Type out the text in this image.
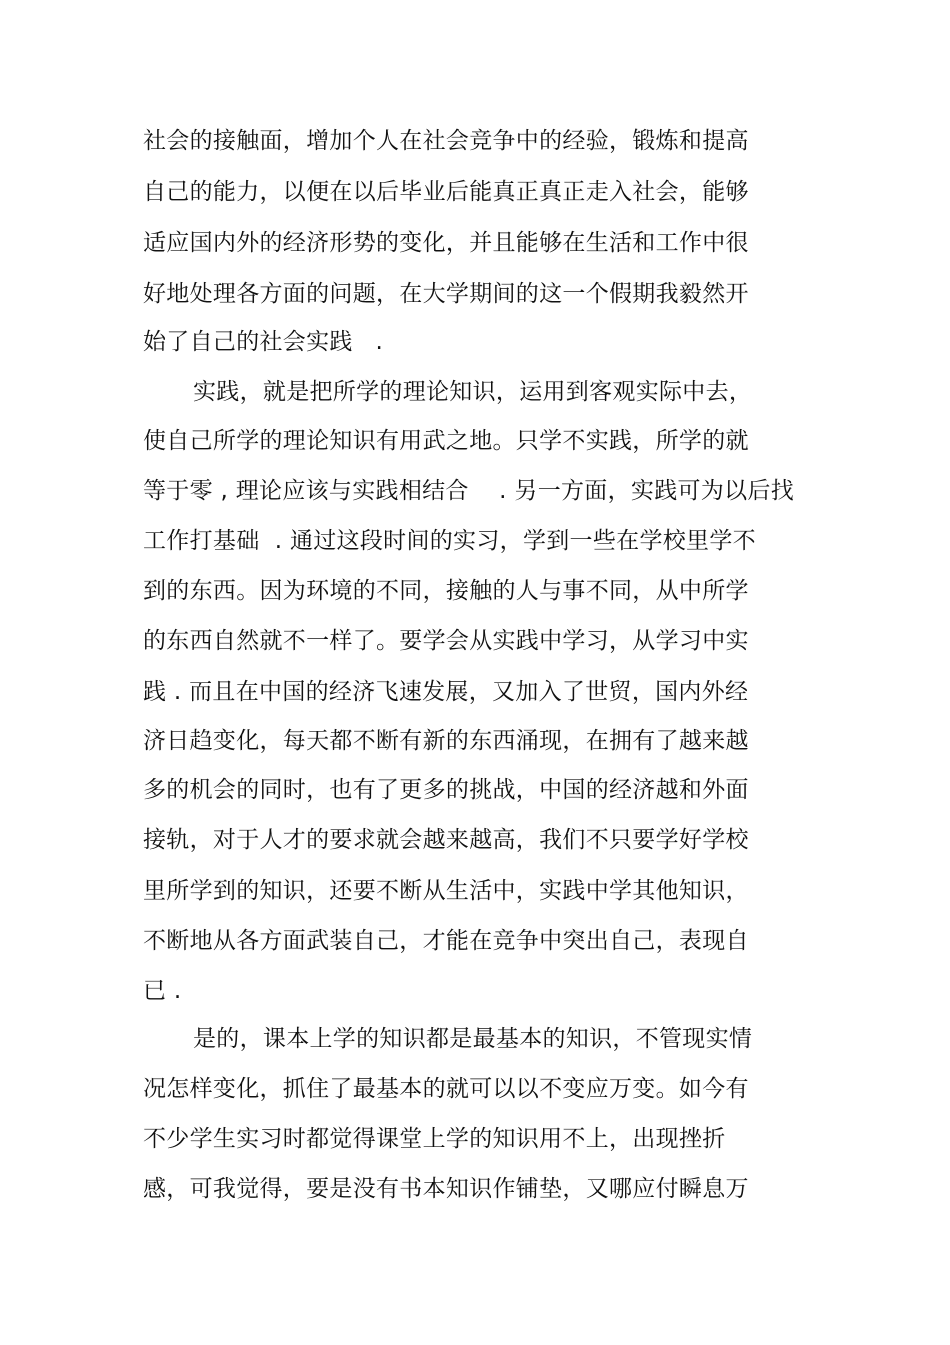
社会的接触面，增加个人在社会竞争中的经验，锻炼和提高
自己的能力，以便在以后毕业后能真正真正走入社会，能够
适应国内外的经济形势的变化，并且能够在生活和工作中很
好地处理各方面的问题，在大学期间的这一个假期我毅然开
始了自己的社会实践   .
实践，就是把所学的理论知识，运用到客观实际中去，
使自己所学的理论知识有用武之地。只学不实践，所学的就
等于零 , 理论应该与实践相结合    . 另一方面，实践可为以后找
工作打基础  . 通过这段时间的实习，学到一些在学校里学不
到的东西。因为环境的不同，接触的人与事不同，从中所学
的东西自然就不一样了。要学会从实践中学习，从学习中实
践 . 而且在中国的经济飞速发展，又加入了世贸，国内外经
济日趋变化，每天都不断有新的东西涌现，在拥有了越来越
多的机会的同时，也有了更多的挑战，中国的经济越和外面
接轨，对于人才的要求就会越来越高，我们不只要学好学校
里所学到的知识，还要不断从生活中，实践中学其他知识，
不断地从各方面武装自己，才能在竞争中突出自己，表现自
已 .
是的，课本上学的知识都是最基本的知识，不管现实情
况怎样变化，抓住了最基本的就可以以不变应万变。如今有
不少学生实习时都觉得课堂上学的知识用不上，出现挫折
感，可我觉得，要是没有书本知识作铺垫，又哪应付瞬息万
